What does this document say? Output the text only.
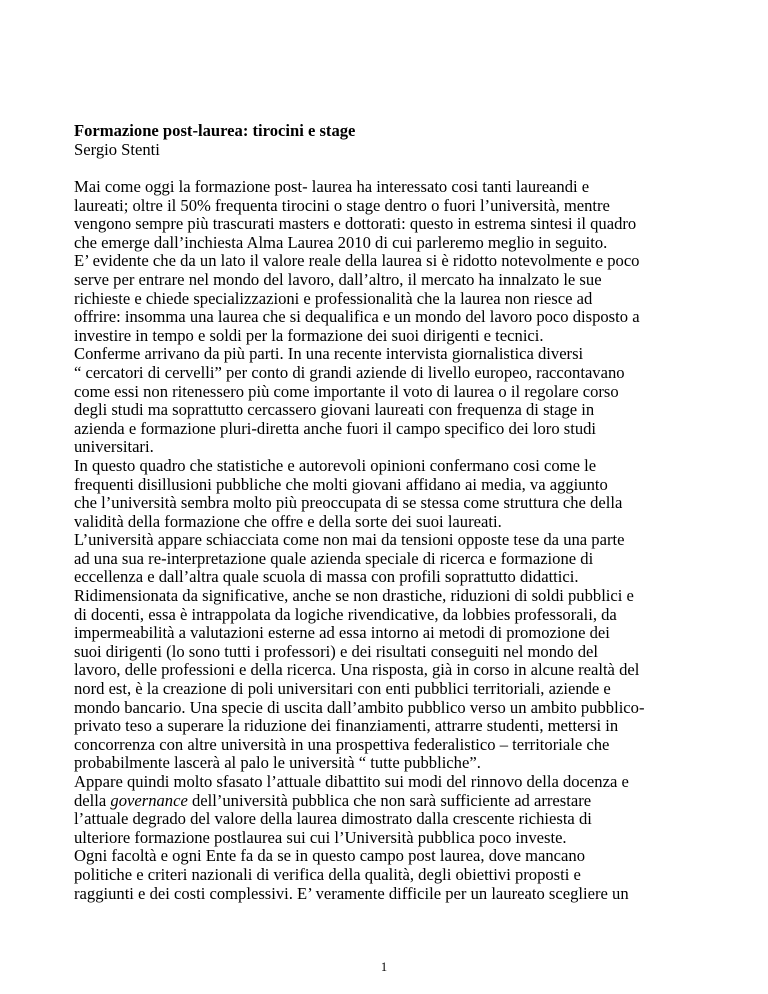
Formazione post-laurea: tirocini e stage
Sergio Stenti
Mai come oggi la formazione post- laurea ha interessato cosi tanti laureandi e
laureati; oltre il 50% frequenta tirocini o stage dentro o fuori l’università, mentre
vengono sempre più trascurati masters e dottorati: questo in estrema sintesi il quadro
che emerge dall’inchiesta Alma Laurea 2010 di cui parleremo meglio in seguito.
E’ evidente che da un lato il valore reale della laurea si è ridotto notevolmente e poco
serve per entrare nel mondo del lavoro, dall’altro, il mercato ha innalzato le sue
richieste e chiede specializzazioni e professionalità che la laurea non riesce ad
offrire: insomma una laurea che si dequalifica e un mondo del lavoro poco disposto a
investire in tempo e soldi per la formazione dei suoi dirigenti e tecnici.
Conferme arrivano da più parti. In una recente intervista giornalistica diversi
“ cercatori di cervelli” per conto di grandi aziende di livello europeo, raccontavano
come essi non ritenessero più come importante il voto di laurea o il regolare corso
degli studi ma soprattutto cercassero giovani laureati con frequenza di stage in
azienda e formazione pluri-diretta anche fuori il campo specifico dei loro studi
universitari.
In questo quadro che statistiche e autorevoli opinioni confermano cosi come le
frequenti disillusioni pubbliche che molti giovani affidano ai media, va aggiunto
che l’università sembra molto più preoccupata di se stessa come struttura che della
validità della formazione che offre e della sorte dei suoi laureati.
L’università appare schiacciata come non mai da tensioni opposte tese da una parte
ad una sua re-interpretazione quale azienda speciale di ricerca e formazione di
eccellenza e dall’altra quale scuola di massa con profili soprattutto didattici.
Ridimensionata da significative, anche se non drastiche, riduzioni di soldi pubblici e
di docenti, essa è intrappolata da logiche rivendicative, da lobbies professorali, da
impermeabilità a valutazioni esterne ad essa intorno ai metodi di promozione dei
suoi dirigenti (lo sono tutti i professori) e dei risultati conseguiti nel mondo del
lavoro, delle professioni e della ricerca. Una risposta, già in corso in alcune realtà del
nord est, è la creazione di poli universitari con enti pubblici territoriali, aziende e
mondo bancario. Una specie di uscita dall’ambito pubblico verso un ambito pubblico-
privato teso a superare la riduzione dei finanziamenti, attrarre studenti, mettersi in
concorrenza con altre università in una prospettiva federalistico – territoriale che
probabilmente lascerà al palo le università “ tutte pubbliche”.
Appare quindi molto sfasato l’attuale dibattito sui modi del rinnovo della docenza e
della governance dell’università pubblica che non sarà sufficiente ad arrestare
l’attuale degrado del valore della laurea dimostrato dalla crescente richiesta di
ulteriore formazione postlaurea sui cui l’Università pubblica poco investe.
Ogni facoltà e ogni Ente fa da se in questo campo post laurea, dove mancano
politiche e criteri nazionali di verifica della qualità, degli obiettivi proposti e
raggiunti e dei costi complessivi. E’ veramente difficile per un laureato scegliere un
1
